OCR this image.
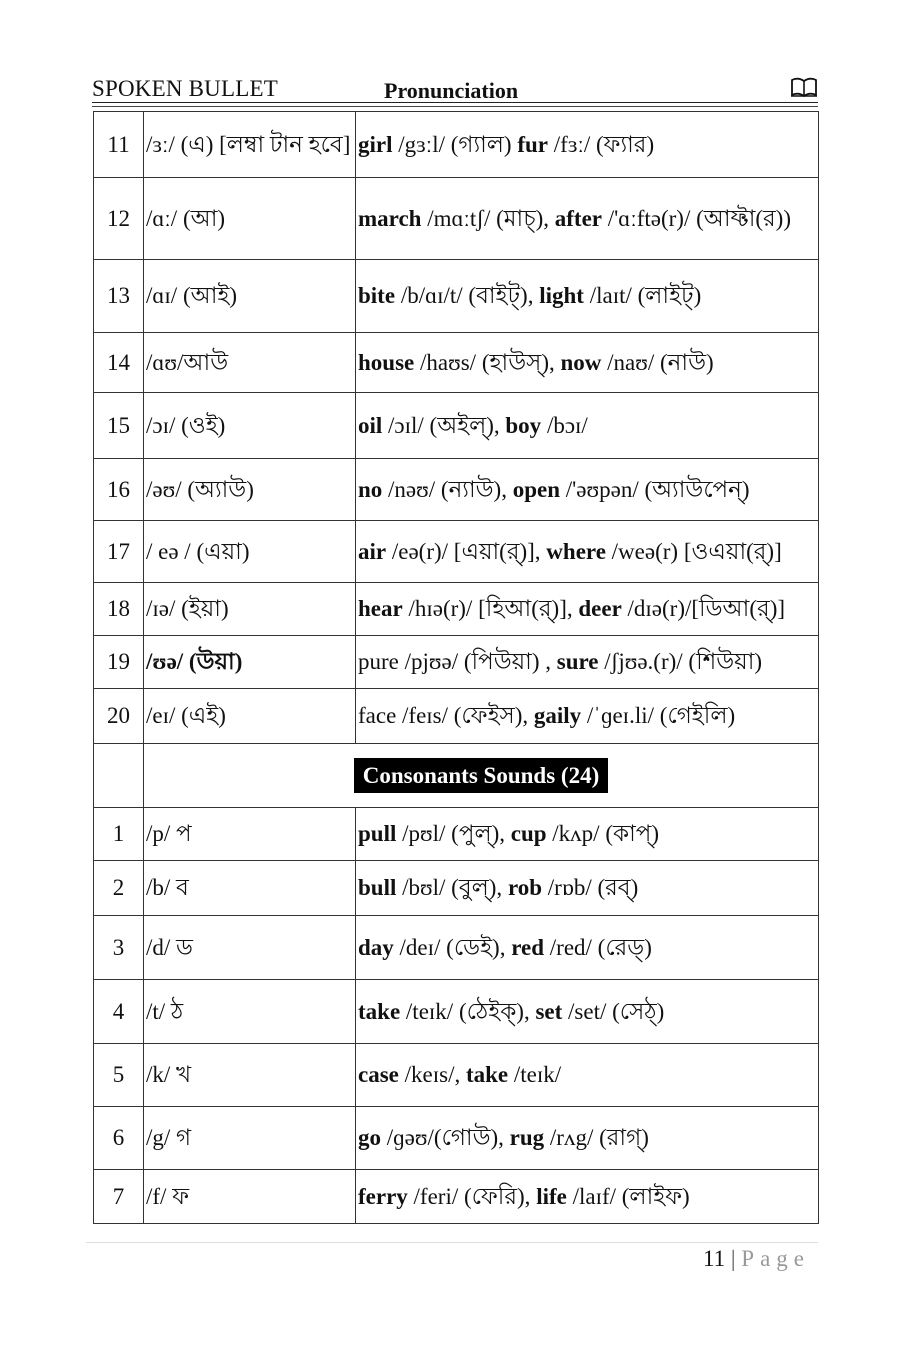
SPOKEN BULLET	Pronunciation
11	/ɜː/ (এ) [লম্বা টান হবে]	girl /gɜːl/ (গ্যাল) fur /fɜː/ (ফ্যার)
12	/ɑː/ (আ)	march /mɑːtʃ/ (মাচ্), after /'ɑːftə(r)/ (আফ্টা(র))
13	/ɑɪ/ (আই)	bite /b/ɑɪ/t/ (বাইট্), light /laɪt/ (লাইট্)
14	/ɑʊ/আউ	house /haʊs/ (হাউস্), now /naʊ/ (নাউ)
15	/ɔɪ/ (ওই)	oil /ɔɪl/ (অইল্), boy /bɔɪ/
16	/əʊ/ (অ্যাউ)	no /nəʊ/ (ন্যাউ), open /'əʊpən/ (অ্যাউপেন্)
17	/ eə / (এয়া)	air /eə(r)/ [এয়া(র্)], where /weə(r) [ওএয়া(র্)]
18	/ɪə/ (ইয়া)	hear /hɪə(r)/ [হিআ(র্)], deer /dɪə(r)/[ডিআ(র্)]
19	/ʊə/ (উয়া)	pure /pjʊə/ (পিউয়া) , sure /ʃjʊə.(r)/ (শিউয়া)
20	/eɪ/ (এই)	face /feɪs/ (ফেইস), gaily /ˈɡeɪ.li/ (গেইলি)
	Consonants Sounds (24)	
1	/p/ প	pull /pʊl/ (পুল্), cup /kʌp/ (কাপ্)
2	/b/ ব	bull /bʊl/ (বুল্), rob /rɒb/ (রব্)
3	/d/ ড	day /deɪ/ (ডেই), red /red/ (রেড্)
4	/t/ ঠ	take /teɪk/ (ঠেইক্), set /set/ (সেঠ্)
5	/k/ খ	case /keɪs/, take /teɪk/
6	/g/ গ	go /ɡəʊ/(গোউ), rug /rʌg/ (রাগ্)
7	/f/ ফ	ferry /feri/ (ফেরি), life /laɪf/ (লাইফ)
11 | Page
